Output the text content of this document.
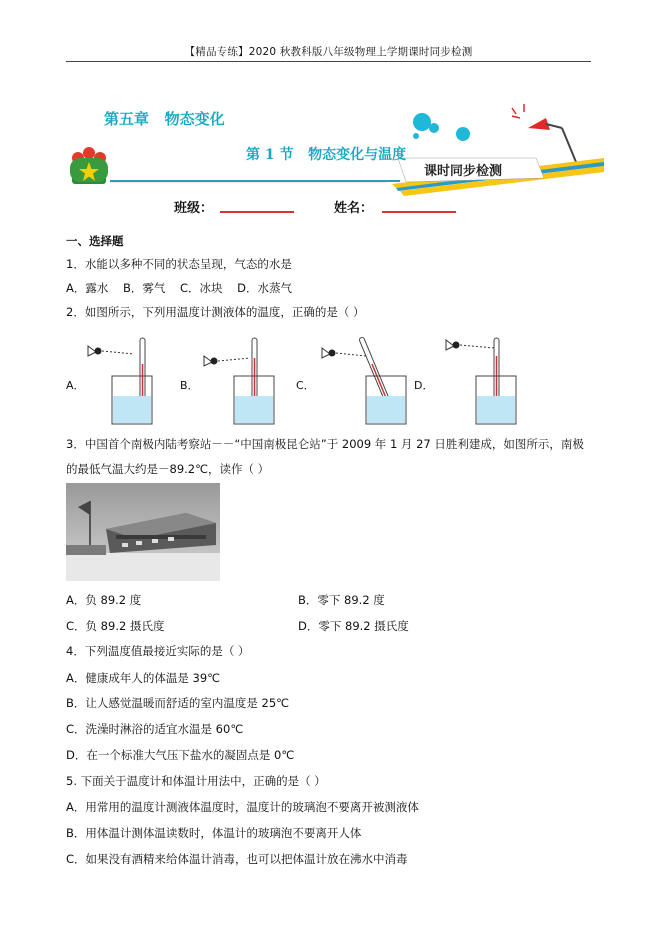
【精品专练】2020 秋教科版八年级物理上学期课时同步检测
第五章   物态变化
第 1 节   物态变化与温度
课时同步检测
班级：	姓名：
一、选择题
1．水能以多种不同的状态呈现，气态的水是
A．露水 B．雾气 C．冰块 D．水蒸气
2．如图所示，下列用温度计测液体的温度，正确的是（ ）
A．	B．	C．	D．
3．中国首个南极内陆考察站－－“中国南极昆仑站”于 2009 年 1 月 27 日胜利建成，如图所示，南极
的最低气温大约是－89.2℃，读作（ ）
A．负 89.2 度	B．零下 89.2 度
C．负 89.2 摄氏度	D．零下 89.2 摄氏度
4．下列温度值最接近实际的是（ ）
A．健康成年人的体温是 39℃
B．让人感觉温暖而舒适的室内温度是 25℃
C．洗澡时淋浴的适宜水温是 60℃
D．在一个标准大气压下盐水的凝固点是 0℃
5. 下面关于温度计和体温计用法中，正确的是（ ）
A．用常用的温度计测液体温度时，温度计的玻璃泡不要离开被测液体
B．用体温计测体温读数时，体温计的玻璃泡不要离开人体
C．如果没有酒精来给体温计消毒，也可以把体温计放在沸水中消毒
